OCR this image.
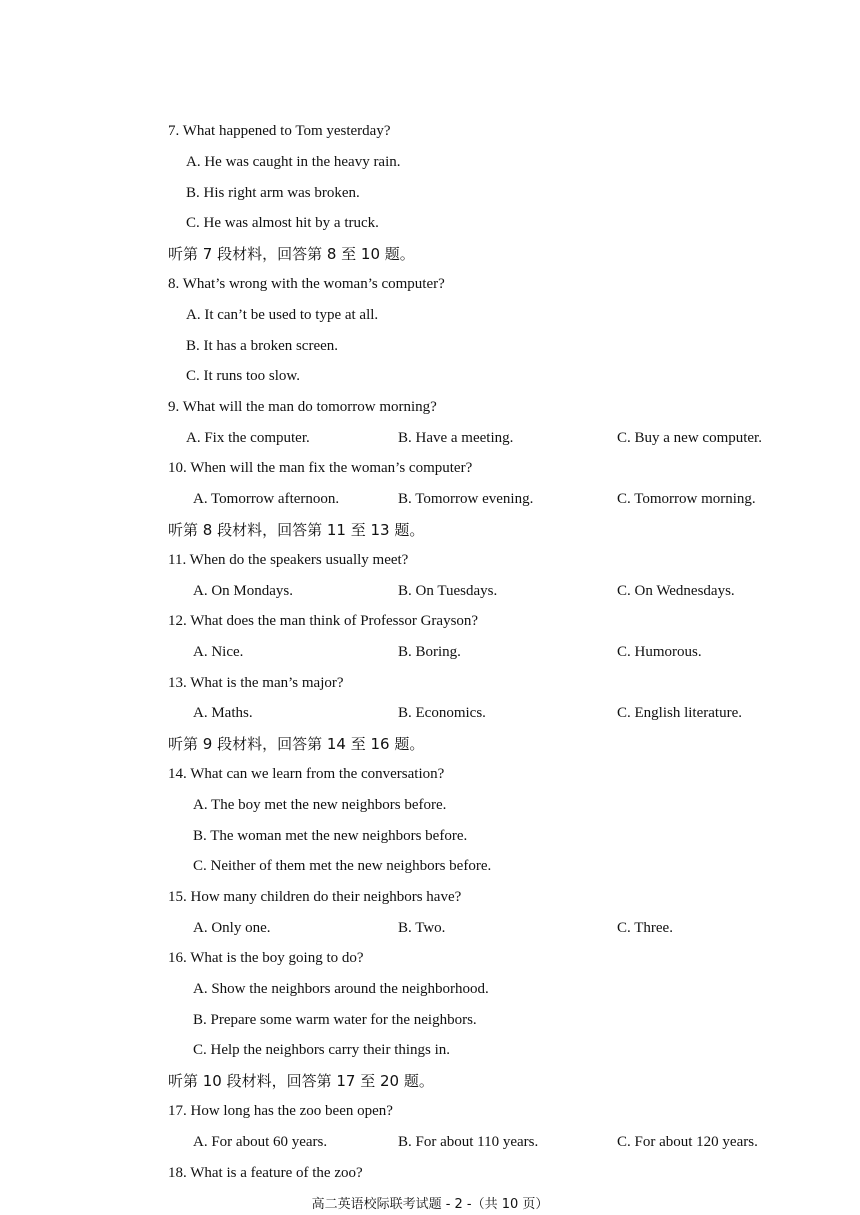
7. What happened to Tom yesterday?
A. He was caught in the heavy rain.
B. His right arm was broken.
C. He was almost hit by a truck.
听第 7 段材料，回答第 8 至 10 题。
8. What’s wrong with the woman’s computer?
A. It can’t be used to type at all.
B. It has a broken screen.
C. It runs too slow.
9. What will the man do tomorrow morning?
A. Fix the computer.	B. Have a meeting.	C. Buy a new computer.
10. When will the man fix the woman’s computer?
A. Tomorrow afternoon.	B. Tomorrow evening.	C. Tomorrow morning.
听第 8 段材料，回答第 11 至 13 题。
11. When do the speakers usually meet?
A. On Mondays.	B. On Tuesdays.	C. On Wednesdays.
12. What does the man think of Professor Grayson?
A. Nice.	B. Boring.	C. Humorous.
13. What is the man’s major?
A. Maths.	B. Economics.	C. English literature.
听第 9 段材料，回答第 14 至 16 题。
14. What can we learn from the conversation?
A. The boy met the new neighbors before.
B. The woman met the new neighbors before.
C. Neither of them met the new neighbors before.
15. How many children do their neighbors have?
A. Only one.	B. Two.	C. Three.
16. What is the boy going to do?
A. Show the neighbors around the neighborhood.
B. Prepare some warm water for the neighbors.
C. Help the neighbors carry their things in.
听第 10 段材料，回答第 17 至 20 题。
17. How long has the zoo been open?
A. For about 60 years.	B. For about 110 years.	C. For about 120 years.
18. What is a feature of the zoo?
高二英语校际联考试题 - 2 -（共 10 页）
